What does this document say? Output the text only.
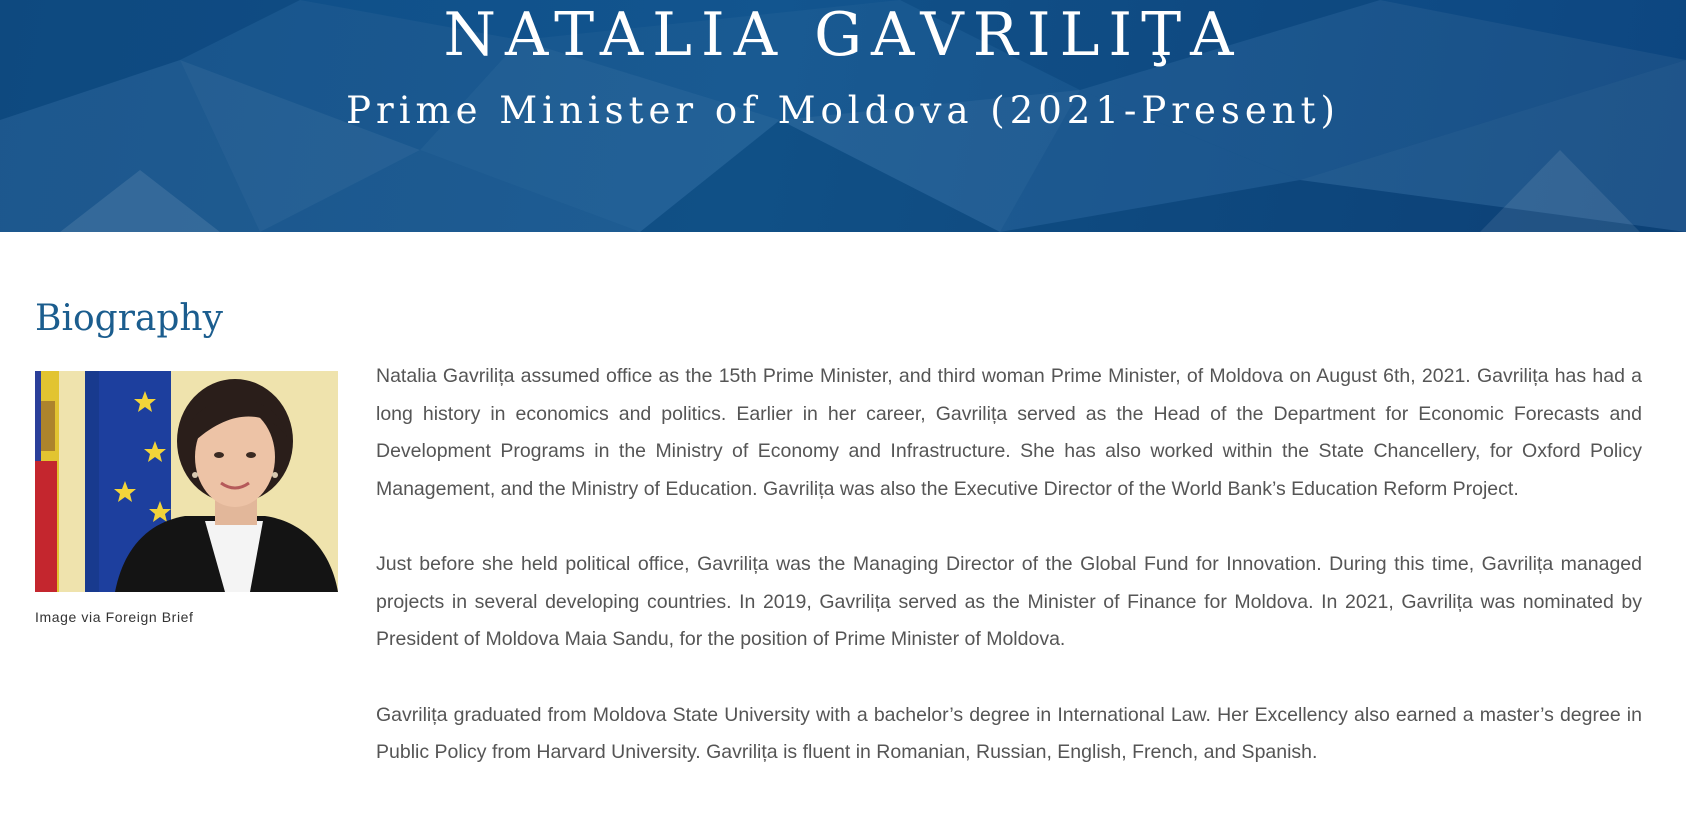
NATALIA GAVRILIŢA
Prime Minister of Moldova (2021-Present)
Biography
Image via Foreign Brief

Natalia Gavrilița assumed office as the 15th Prime Minister, and third woman Prime Minister, of Moldova on August 6th, 2021. Gavrilița has had a long history in economics and politics. Earlier in her career, Gavrilița served as the Head of the Department for Economic Forecasts and Development Programs in the Ministry of Economy and Infrastructure. She has also worked within the State Chancellery, for Oxford Policy Management, and the Ministry of Education. Gavrilița was also the Executive Director of the World Bank’s Education Reform Project.

Just before she held political office, Gavrilița was the Managing Director of the Global Fund for Innovation. During this time, Gavrilița managed projects in several developing countries. In 2019, Gavrilița served as the Minister of Finance for Moldova. In 2021, Gavrilița was nominated by President of Moldova Maia Sandu, for the position of Prime Minister of Moldova.

Gavrilița graduated from Moldova State University with a bachelor’s degree in International Law. Her Excellency also earned a master’s degree in Public Policy from Harvard University. Gavrilița is fluent in Romanian, Russian, English, French, and Spanish.
